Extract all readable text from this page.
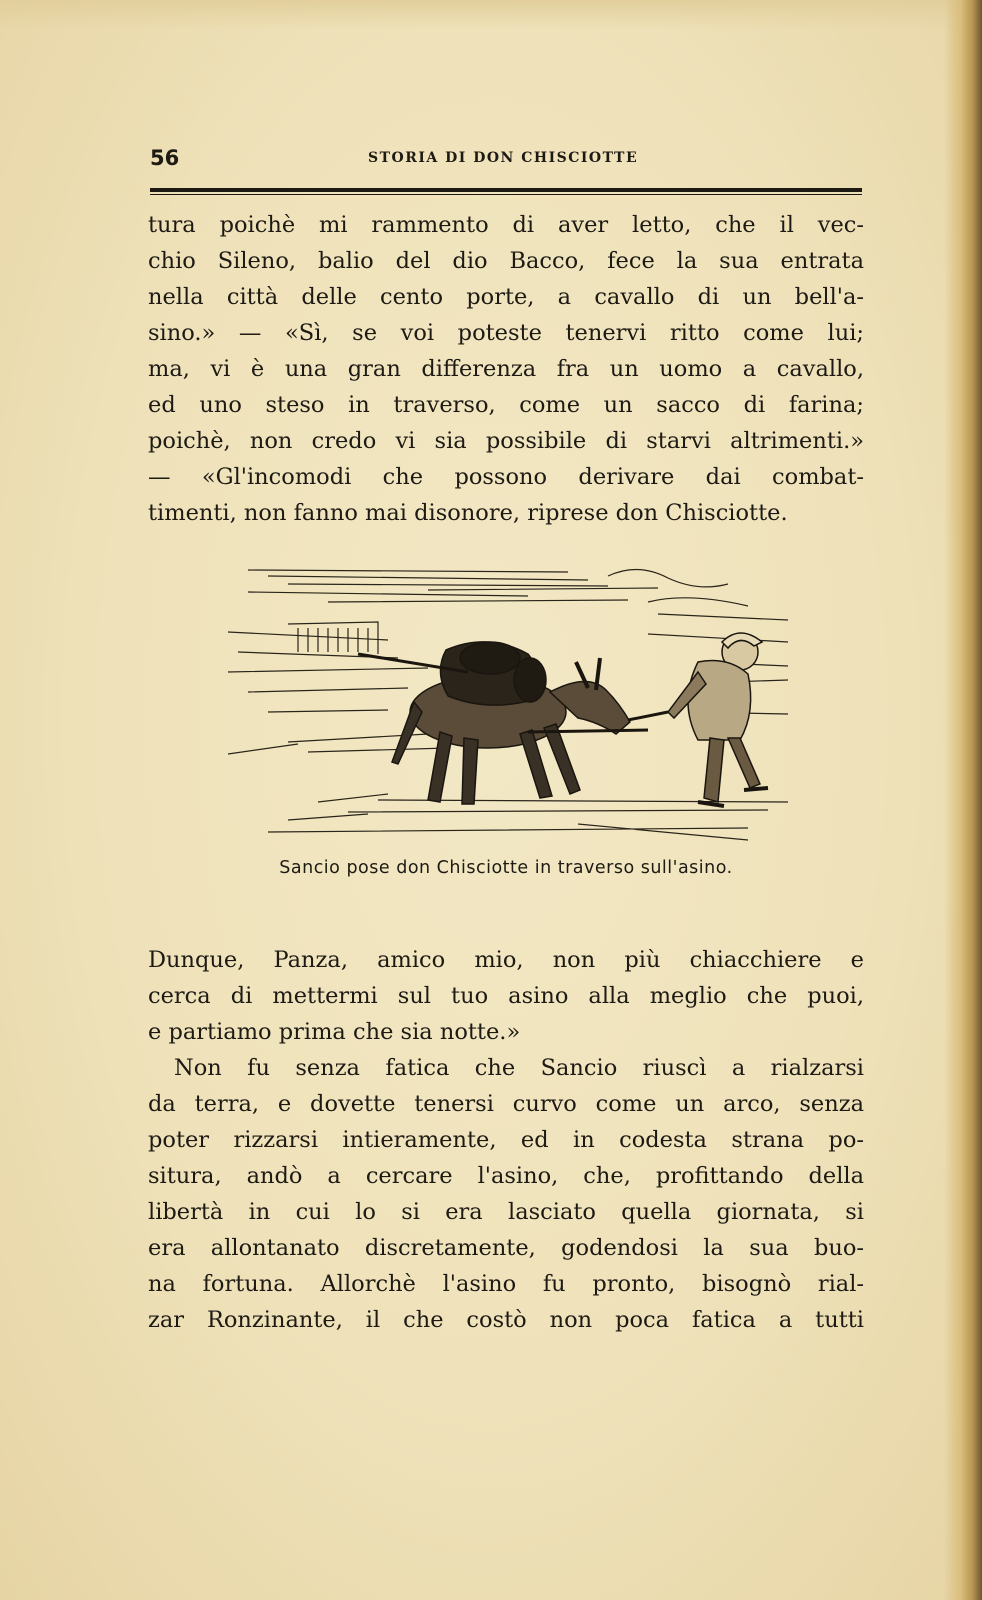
56	STORIA DI DON CHISCIOTTE
tura poichè mi rammento di aver letto, che il vec-
chio Sileno, balio del dio Bacco, fece la sua entrata
nella città delle cento porte, a cavallo di un bell'a-
sino.» — «Sì, se voi poteste tenervi ritto come lui;
ma, vi è una gran differenza fra un uomo a cavallo,
ed uno steso in traverso, come un sacco di farina;
poichè, non credo vi sia possibile di starvi altrimenti.»
— «Gl'incomodi che possono derivare dai combat-
timenti, non fanno mai disonore, riprese don Chisciotte.
Sancio pose don Chisciotte in traverso sull'asino.
Dunque, Panza, amico mio, non più chiacchiere e
cerca di mettermi sul tuo asino alla meglio che puoi,
e partiamo prima che sia notte.»
Non fu senza fatica che Sancio riuscì a rialzarsi
da terra, e dovette tenersi curvo come un arco, senza
poter rizzarsi intieramente, ed in codesta strana po-
situra, andò a cercare l'asino, che, profittando della
libertà in cui lo si era lasciato quella giornata, si
era allontanato discretamente, godendosi la sua buo-
na fortuna. Allorchè l'asino fu pronto, bisognò rial-
zar Ronzinante, il che costò non poca fatica a tutti
